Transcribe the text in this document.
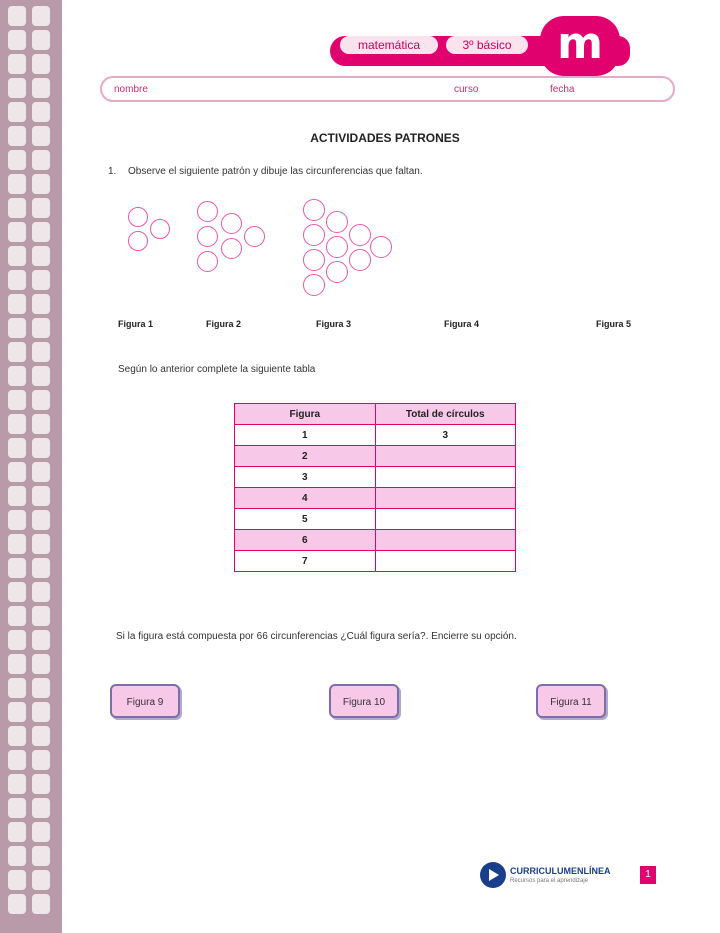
matemática	3º básico	m
nombre	curso	fecha
ACTIVIDADES PATRONES
1. Observe el siguiente patrón y dibuje las circunferencias que faltan.
Figura 1	Figura 2	Figura 3	Figura 4	Figura 5
Según lo anterior complete la siguiente tabla
Figura	Total de círculos
1	3
2	
3	
4	
5	
6	
7	
Si la figura está compuesta por 66 circunferencias ¿Cuál figura sería?. Encierre su opción.
Figura 9	Figura 10	Figura 11
CURRICULUMENLÍNEA
Recursos para el aprendizaje
1
